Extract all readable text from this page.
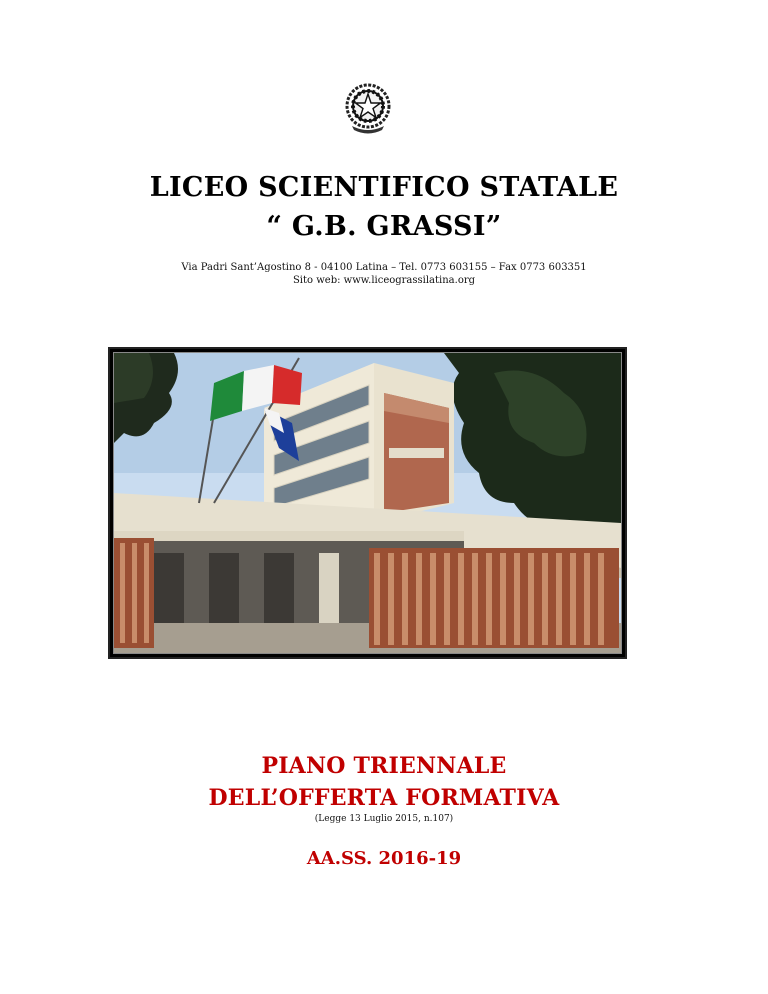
LICEO SCIENTIFICO STATALE
“ G.B. GRASSI”
Via Padri Sant’Agostino 8 - 04100 Latina – Tel. 0773 603155 – Fax 0773 603351
Sito web: www.liceograssilatina.org
PIANO TRIENNALE
DELL’OFFERTA FORMATIVA
(Legge 13 Luglio 2015, n.107)
AA.SS. 2016-19
